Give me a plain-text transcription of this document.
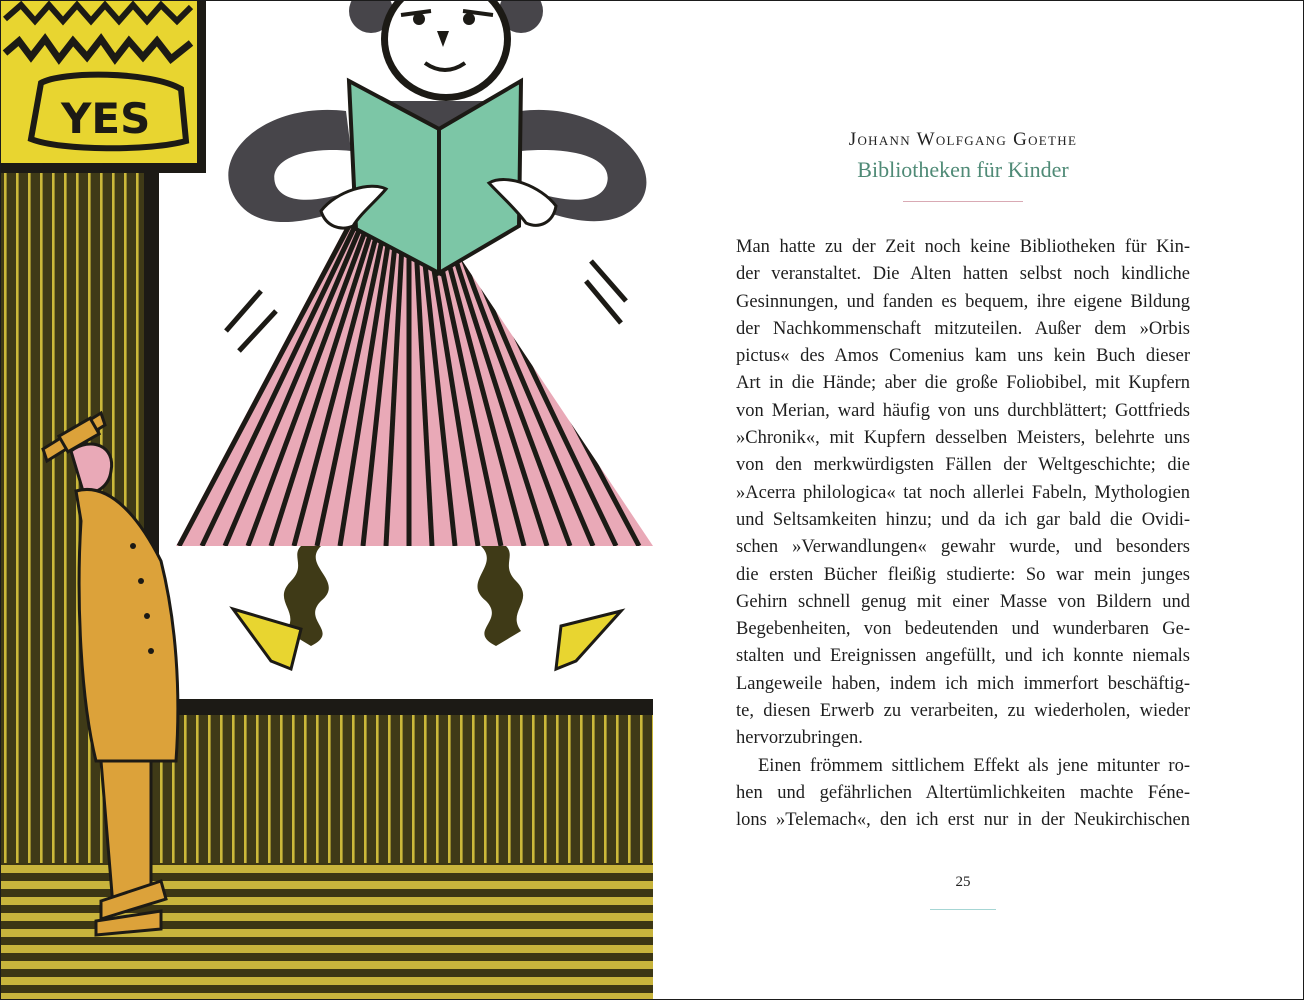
YES	Johann Wolfgang Goethe
Bibliotheken für Kinder
Man hatte zu der Zeit noch keine Bibliotheken für Kin-
der veranstaltet. Die Alten hatten selbst noch kindliche
Gesinnungen, und fanden es bequem, ihre eigene Bildung
der Nachkommenschaft mitzuteilen. Außer dem »Orbis
pictus« des Amos Comenius kam uns kein Buch dieser
Art in die Hände; aber die große Foliobibel, mit Kupfern
von Merian, ward häufig von uns durchblättert; Gottfrieds
»Chronik«, mit Kupfern desselben Meisters, belehrte uns
von den merkwürdigsten Fällen der Weltgeschichte; die
»Acerra philologica« tat noch allerlei Fabeln, Mythologien
und Seltsamkeiten hinzu; und da ich gar bald die Ovidi-
schen »Verwandlungen« gewahr wurde, und besonders
die ersten Bücher fleißig studierte: So war mein junges
Gehirn schnell genug mit einer Masse von Bildern und
Begebenheiten, von bedeutenden und wunderbaren Ge-
stalten und Ereignissen angefüllt, und ich konnte niemals
Langeweile haben, indem ich mich immerfort beschäftig-
te, diesen Erwerb zu verarbeiten, zu wiederholen, wieder
hervorzubringen.
Einen frömmem sittlichem Effekt als jene mitunter ro-
hen und gefährlichen Altertümlichkeiten machte Féne-
lons »Telemach«, den ich erst nur in der Neukirchischen
25
